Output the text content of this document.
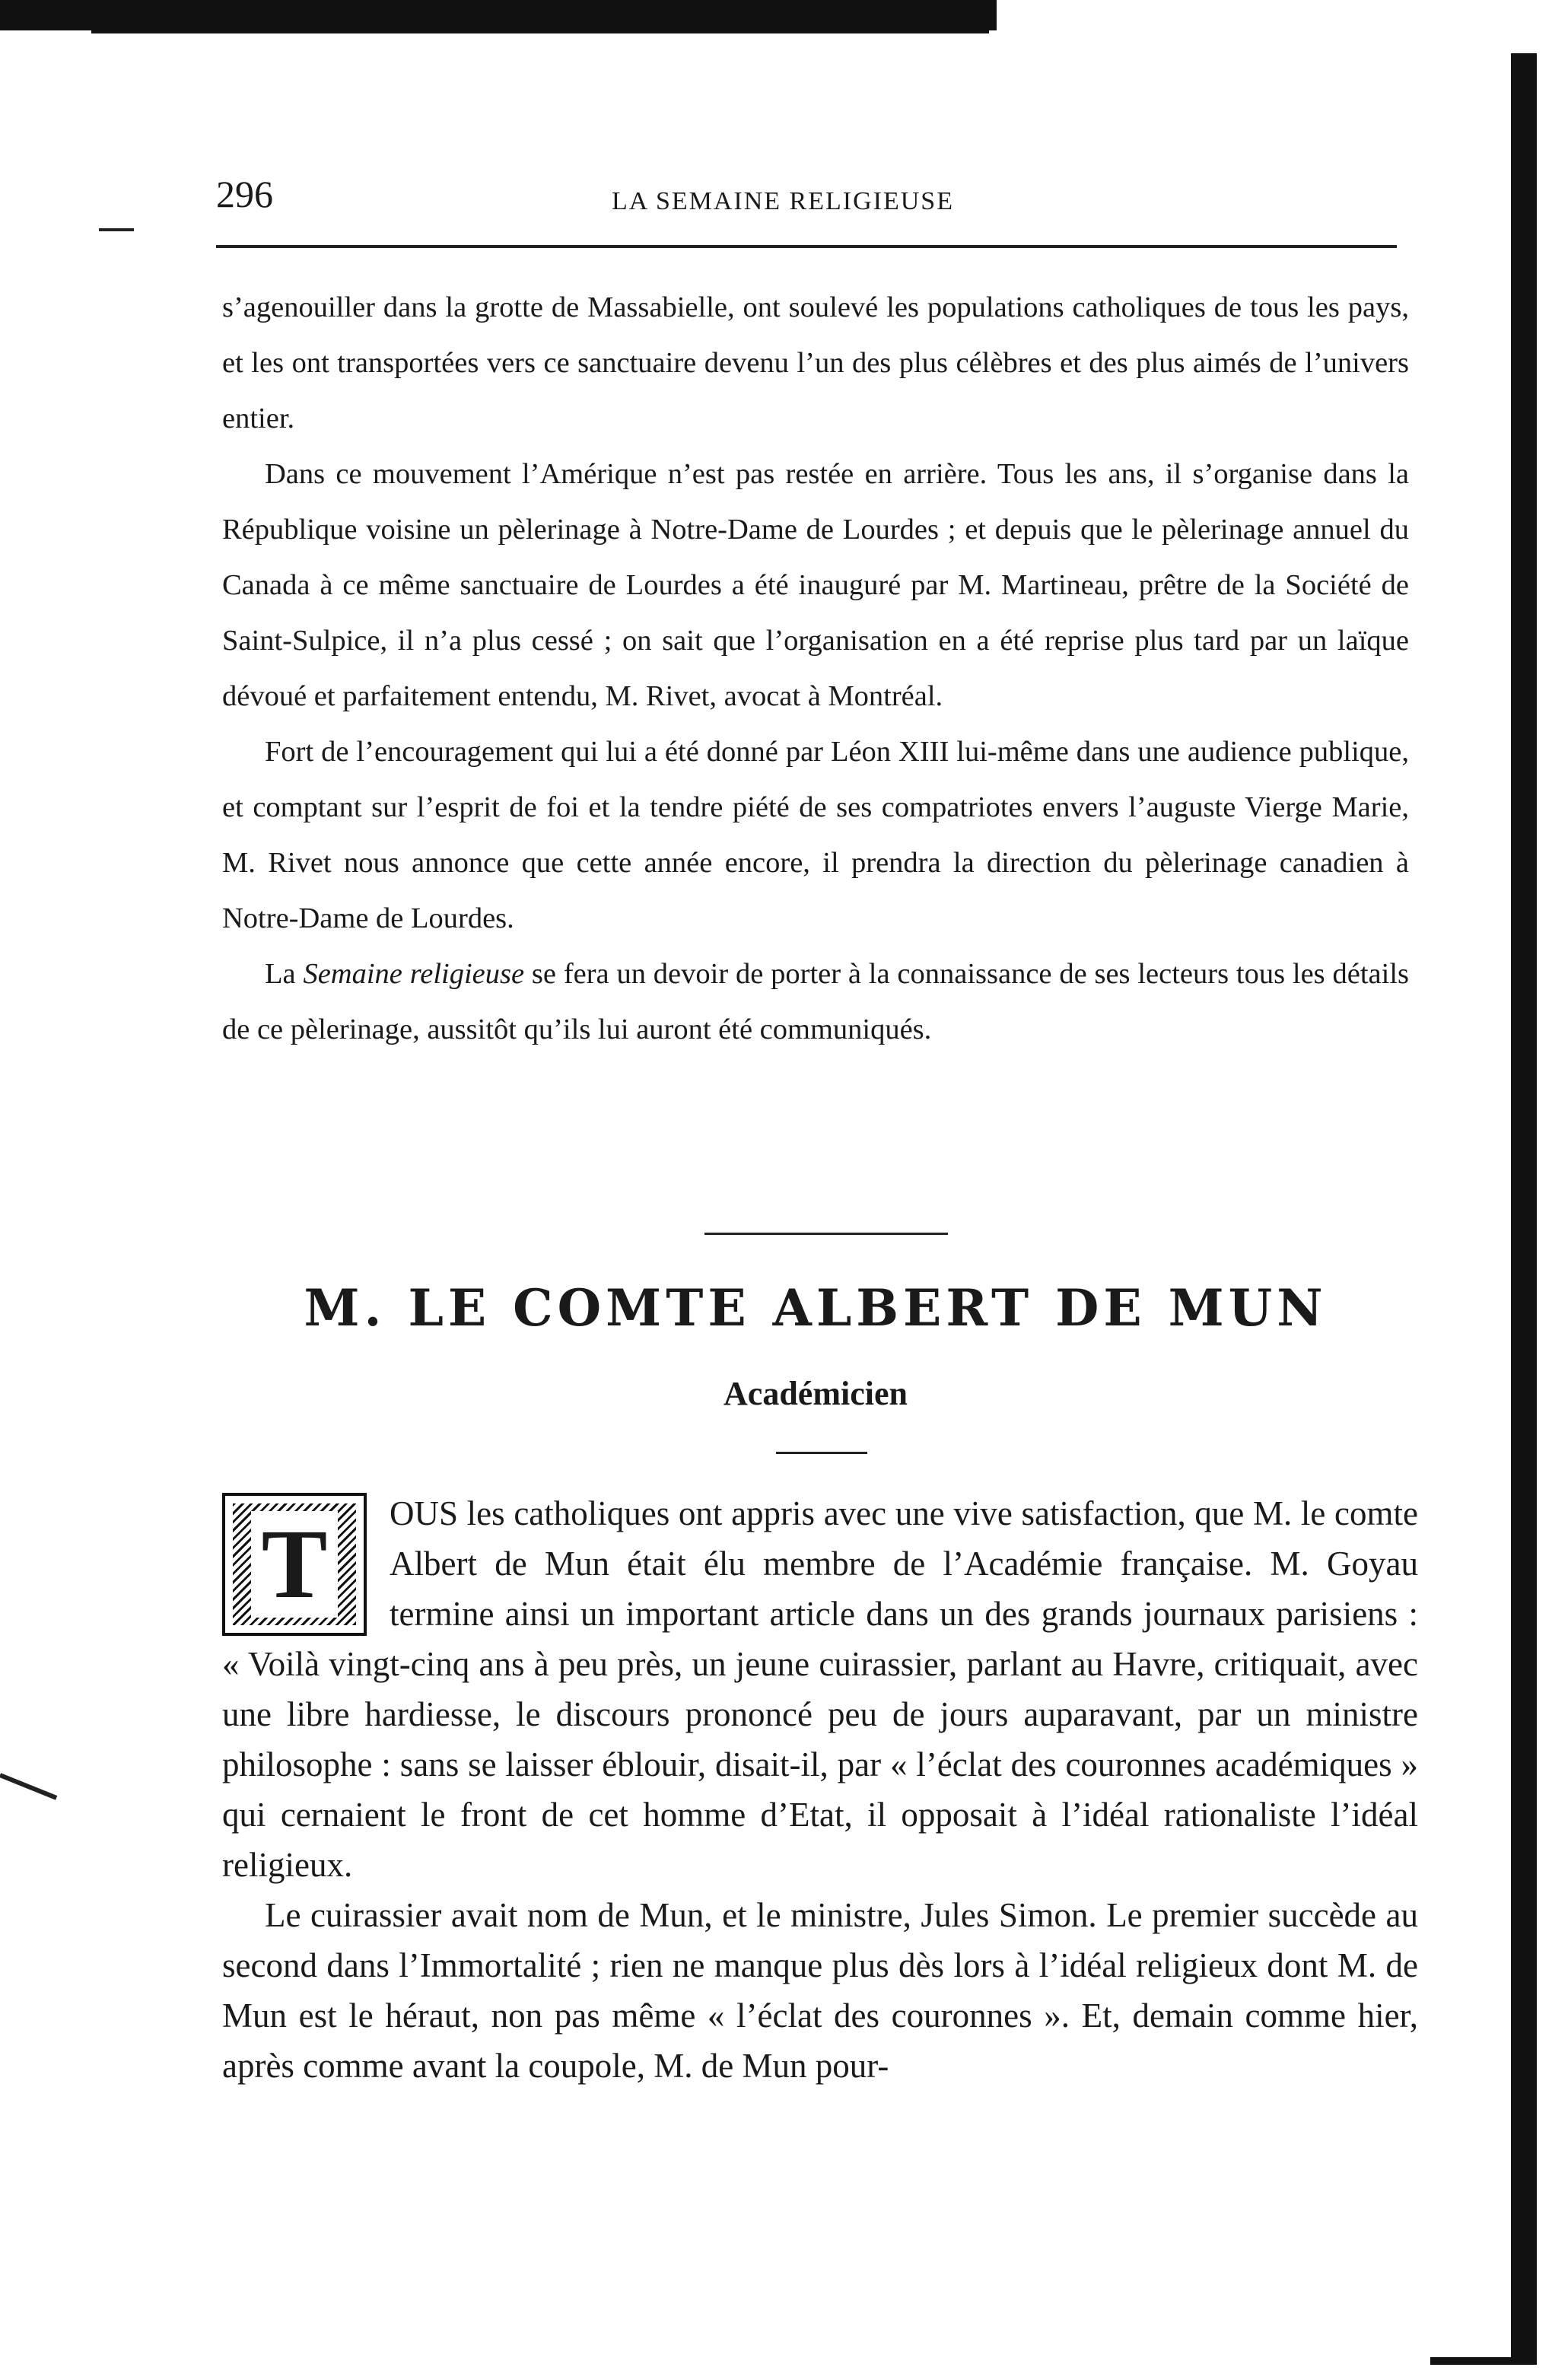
296	LA SEMAINE RELIGIEUSE

s’agenouiller dans la grotte de Massabielle, ont soulevé les populations catholiques de tous les pays, et les ont transportées vers ce sanctuaire devenu l’un des plus célèbres et des plus aimés de l’univers entier.

Dans ce mouvement l’Amérique n’est pas restée en arrière. Tous les ans, il s’organise dans la République voisine un pèlerinage à Notre-Dame de Lourdes ; et depuis que le pèlerinage annuel du Canada à ce même sanctuaire de Lourdes a été inauguré par M. Martineau, prêtre de la Société de Saint-Sulpice, il n’a plus cessé ; on sait que l’organisation en a été reprise plus tard par un laïque dévoué et parfaitement entendu, M. Rivet, avocat à Montréal.

Fort de l’encouragement qui lui a été donné par Léon XIII lui-même dans une audience publique, et comptant sur l’esprit de foi et la tendre piété de ses compatriotes envers l’auguste Vierge Marie, M. Rivet nous annonce que cette année encore, il prendra la direction du pèlerinage canadien à Notre-Dame de Lourdes.

La Semaine religieuse se fera un devoir de porter à la connaissance de ses lecteurs tous les détails de ce pèlerinage, aussitôt qu’ils lui auront été communiqués.

M. LE COMTE ALBERT DE MUN
Académicien

T	OUS les catholiques ont appris avec une vive satisfaction, que M. le comte Albert de Mun était élu membre de l’Académie française. M. Goyau termine ainsi un important article dans un des grands journaux parisiens : « Voilà vingt-cinq ans à peu près, un jeune cuirassier, parlant au Havre, critiquait, avec une libre hardiesse, le discours prononcé peu de jours auparavant, par un ministre philosophe : sans se laisser éblouir, disait-il, par « l’éclat des couronnes académiques » qui cernaient le front de cet homme d’Etat, il opposait à l’idéal rationaliste l’idéal religieux.

Le cuirassier avait nom de Mun, et le ministre, Jules Simon. Le premier succède au second dans l’Immortalité ; rien ne manque plus dès lors à l’idéal religieux dont M. de Mun est le héraut, non pas même « l’éclat des couronnes ». Et, demain comme hier, après comme avant la coupole, M. de Mun pour-
